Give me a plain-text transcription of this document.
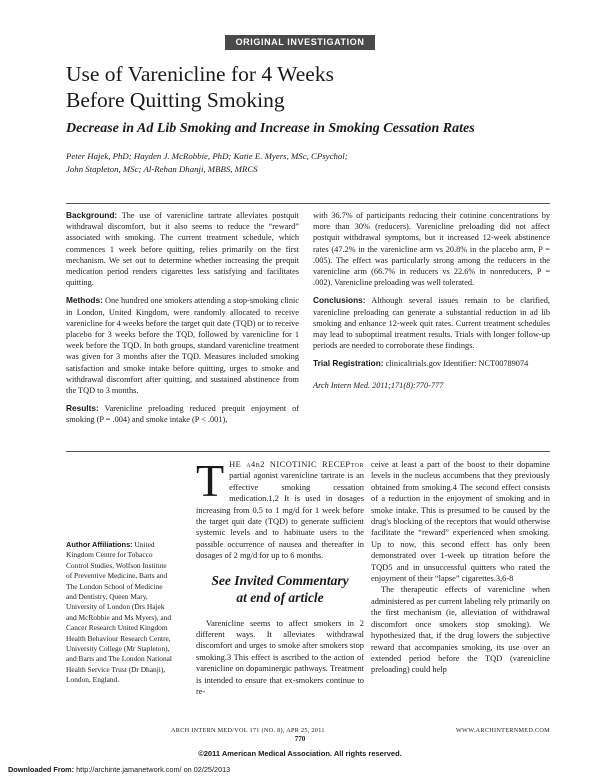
ORIGINAL INVESTIGATION
Use of Varenicline for 4 Weeks
Before Quitting Smoking
Decrease in Ad Lib Smoking and Increase in Smoking Cessation Rates
Peter Hajek, PhD; Hayden J. McRobbie, PhD; Katie E. Myers, MSc, CPsychol;
John Stapleton, MSc; Al-Rehan Dhanji, MBBS, MRCS

Background: The use of varenicline tartrate alleviates postquit withdrawal discomfort, but it also seems to reduce the “reward” associated with smoking. The current treatment schedule, which commences 1 week before quitting, relies primarily on the first mechanism. We set out to determine whether increasing the prequit medication period renders cigarettes less satisfying and facilitates quitting.

Methods: One hundred one smokers attending a stop-smoking clinic in London, United Kingdom, were randomly allocated to receive varenicline for 4 weeks before the target quit date (TQD) or to receive placebo for 3 weeks before the TQD, followed by varenicline for 1 week before the TQD. In both groups, standard varenicline treatment was given for 3 months after the TQD. Measures included smoking satisfaction and smoke intake before quitting, urges to smoke and withdrawal discomfort after quitting, and sustained abstinence from the TQD to 3 months.

Results: Varenicline preloading reduced prequit enjoyment of smoking (P = .004) and smoke intake (P < .001),

with 36.7% of participants reducing their cotinine concentrations by more than 30% (reducers). Varenicline preloading did not affect postquit withdrawal symptoms, but it increased 12-week abstinence rates (47.2% in the varenicline arm vs 20.8% in the placebo arm, P = .005). The effect was particularly strong among the reducers in the varenicline arm (66.7% in reducers vs 22.6% in nonreducers, P = .002). Varenicline preloading was well tolerated.

Conclusions: Although several issues remain to be clarified, varenicline preloading can generate a substantial reduction in ad lib smoking and enhance 12-week quit rates. Current treatment schedules may lead to suboptimal treatment results. Trials with longer follow-up periods are needed to corroborate these findings.

Trial Registration: clinicaltrials.gov Identifier: NCT00789074

Arch Intern Med. 2011;171(8):770-777

Author Affiliations: United Kingdom Centre for Tobacco Control Studies, Wolfson Institute of Preventive Medicine, Barts and The London School of Medicine and Dentistry, Queen Mary, University of London (Drs Hajek and McRobbie and Ms Myers), and Cancer Research United Kingdom Health Behaviour Research Centre, University College (Mr Stapleton), and Barts and The London National Health Service Trust (Dr Dhanji), London, England.

THE α4β2 NICOTINIC RECEPtor partial agonist varenicline tartrate is an effective smoking cessation medication.1,2 It is used in dosages increasing from 0.5 to 1 mg/d for 1 week before the target quit date (TQD) to generate sufficient systemic levels and to habituate users to the possible occurrence of nausea and thereafter in dosages of 2 mg/d for up to 6 months.

See Invited Commentary
at end of article

Varenicline seems to affect smokers in 2 different ways. It alleviates withdrawal discomfort and urges to smoke after smokers stop smoking.3 This effect is ascribed to the action of varenicline on dopaminergic pathways. Treatment is intended to ensure that ex-smokers continue to re-

ceive at least a part of the boost to their dopamine levels in the nucleus accumbens that they previously obtained from smoking.4 The second effect consists of a reduction in the enjoyment of smoking and in smoke intake. This is presumed to be caused by the drug's blocking of the receptors that would otherwise facilitate the “reward” experienced when smoking. Up to now, this second effect has only been demonstrated over 1-week up titration before the TQD5 and in unsuccessful quitters who rated the enjoyment of their “lapse” cigarettes.3,6-8

The therapeutic effects of varenicline when administered as per current labeling rely primarily on the first mechanism (ie, alleviation of withdrawal discomfort once smokers stop smoking). We hypothesized that, if the drug lowers the subjective reward that accompanies smoking, its use over an extended period before the TQD (varenicline preloading) could help

ARCH INTERN MED/VOL 171 (NO. 8), APR 25, 2011	WWW.ARCHINTERNMED.COM
770
©2011 American Medical Association. All rights reserved.
Downloaded From: http://archinte.jamanetwork.com/ on 02/25/2013
